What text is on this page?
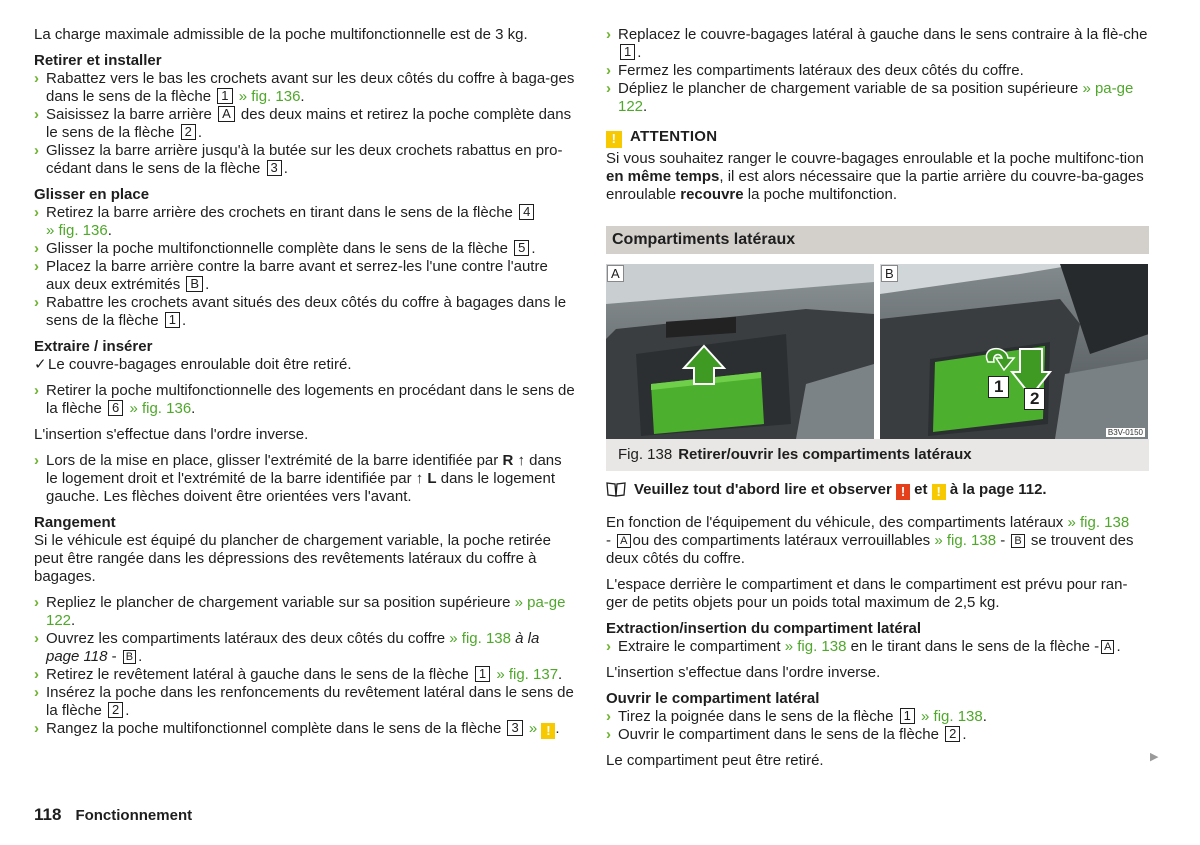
La charge maximale admissible de la poche multifonctionnelle est de 3 kg.

Retirer et installer
› Rabattez vers le bas les crochets avant sur les deux côtés du coffre à baga-ges dans le sens de la flèche 1 » fig. 136.
› Saisissez la barre arrière A des deux mains et retirez la poche complète dans le sens de la flèche 2 .
› Glissez la barre arrière jusqu'à la butée sur les deux crochets rabattus en pro-cédant dans le sens de la flèche 3 .
Glisser en place
› Retirez la barre arrière des crochets en tirant dans le sens de la flèche 4
» fig. 136.
› Glisser la poche multifonctionnelle complète dans le sens de la flèche 5 .
› Placez la barre arrière contre la barre avant et serrez-les l'une contre l'autre aux deux extrémités B .
› Rabattre les crochets avant situés des deux côtés du coffre à bagages dans le sens de la flèche 1 .
Extraire / insérer
✓ Le couvre-bagages enroulable doit être retiré.
› Retirer la poche multifonctionnelle des logements en procédant dans le sens de la flèche 6 » fig. 136.

L'insertion s'effectue dans l'ordre inverse.

› Lors de la mise en place, glisser l'extrémité de la barre identifiée par R ↑ dans le logement droit et l'extrémité de la barre identifiée par ↑ L dans le logement gauche. Les flèches doivent être orientées vers l'avant.
Rangement

Si le véhicule est équipé du plancher de chargement variable, la poche retirée peut être rangée dans les dépressions des revêtements latéraux du coffre à bagages.

› Repliez le plancher de chargement variable sur sa position supérieure » pa-ge 122.
› Ouvrez les compartiments latéraux des deux côtés du coffre » fig. 138 à la page 118 - B .
› Retirez le revêtement latéral à gauche dans le sens de la flèche 1 » fig. 137.
› Insérez la poche dans les renfoncements du revêtement latéral dans le sens de la flèche 2 .
› Rangez la poche multifonctionnel complète dans le sens de la flèche 3 » ! .
› Replacez le couvre-bagages latéral à gauche dans le sens contraire à la flè-che 1 .
› Fermez les compartiments latéraux des deux côtés du coffre.
› Dépliez le plancher de chargement variable de sa position supérieure » pa-ge 122.
! ATTENTION

Si vous souhaitez ranger le couvre-bagages enroulable et la poche multifonc-tion en même temps, il est alors nécessaire que la partie arrière du couvre-ba-gages enroulable recouvre la poche multifonction.

Compartiments latéraux
A	B
1
2
B3V-0150
Fig. 138 Retirer/ouvrir les compartiments latéraux
Veuillez tout d'abord lire et observer ! et ! à la page 112.

En fonction de l'équipement du véhicule, des compartiments latéraux » fig. 138
- A ou des compartiments latéraux verrouillables » fig. 138 - B se trouvent des deux côtés du coffre.

L'espace derrière le compartiment et dans le compartiment est prévu pour ran-ger de petits objets pour un poids total maximum de 2,5 kg.

Extraction/insertion du compartiment latéral
› Extraire le compartiment » fig. 138 en le tirant dans le sens de la flèche - A .

L'insertion s'effectue dans l'ordre inverse.

Ouvrir le compartiment latéral
› Tirez la poignée dans le sens de la flèche 1 » fig. 138.
› Ouvrir le compartiment dans le sens de la flèche 2 .

Le compartiment peut être retiré.	▶
118 Fonctionnement
